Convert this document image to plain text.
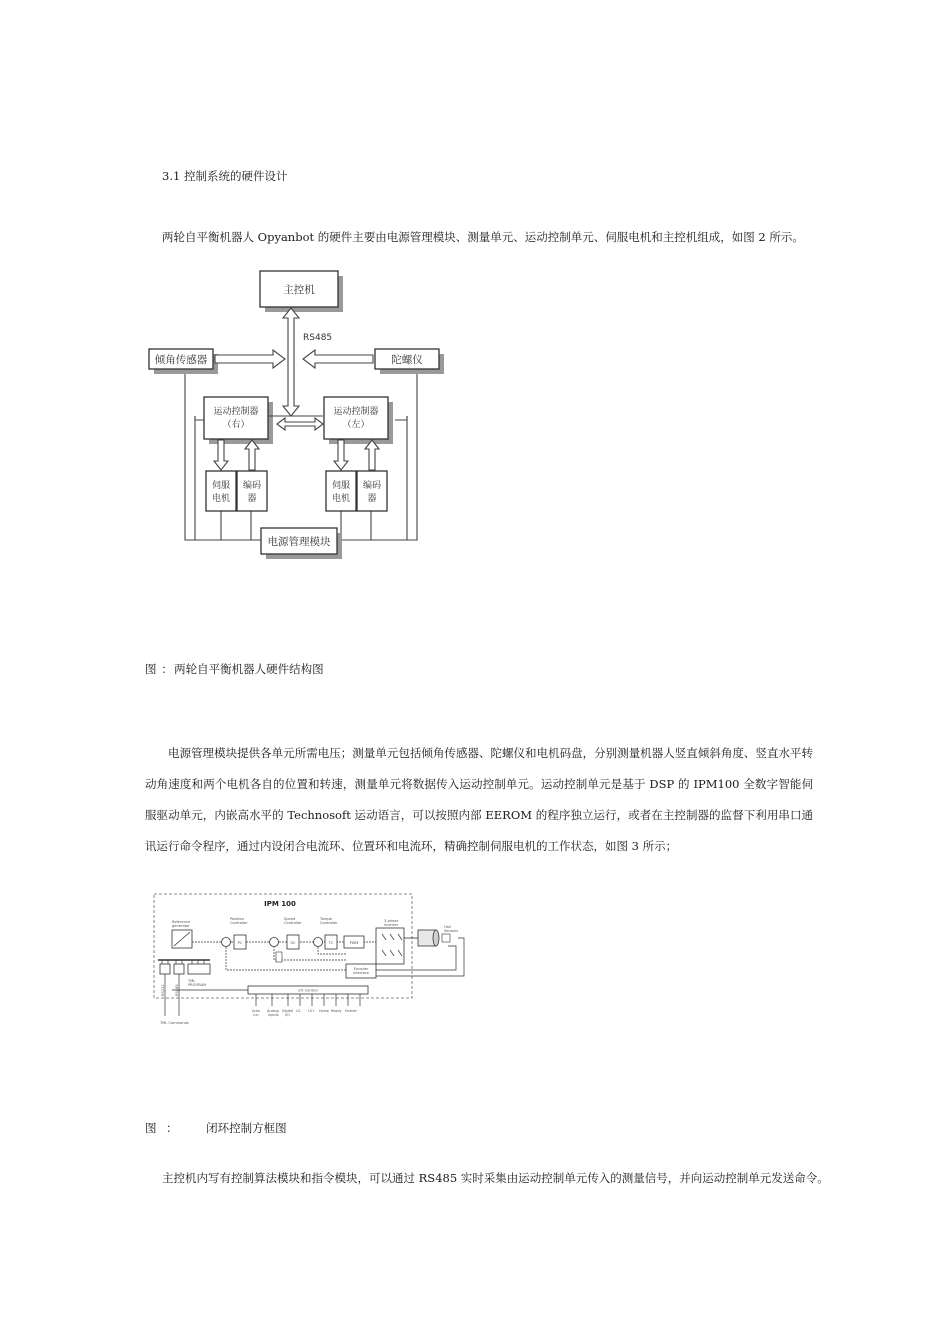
3.1 控制系统的硬件设计
两轮自平衡机器人 Opyanbot 的硬件主要由电源管理模块、测量单元、运动控制单元、伺服电机和主控机组成，如图 2 所示。
主控机
RS485
倾角传感器	陀螺仪
运动控制器
（右）
运动控制器
（左）
伺服
电机
编码
器
伺服
电机
编码
器
电源管理模块
图 ：两轮自平衡机器人硬件结构图
电源管理模块提供各单元所需电压；测量单元包括倾角传感器、陀螺仪和电机码盘，分别测量机器人竖直倾斜角度、竖直水平转动角速度和两个电机各自的位置和转速，测量单元将数据传入运动控制单元。运动控制单元是基于 DSP 的 IPM100 全数字智能伺服驱动单元，内嵌高水平的 Technosoft 运动语言，可以按照内部 EEROM 的程序独立运行，或者在主控制器的监督下利用串口通讯运行命令程序，通过内设闭合电流环、位置环和电流环，精确控制伺服电机的工作状态，如图 3 所示；
IPM 100
Reference
generator
Position
Controller
PC
Speed
Controller
SC
Torque
Controller
TC	PWM
3-phase
inverter	Hall
Sensors
Encoder
interface
I/O Control
TML
PROGRAM
RS232	RS485
TML Commands
Auto
run
Analog
Inputs
Digital
I/O
LS- LS+ Home Ready Enable
图 ： 闭环控制方框图
主控机内写有控制算法模块和指令模块，可以通过 RS485 实时采集由运动控制单元传入的测量信号，并向运动控制单元发送命令。
